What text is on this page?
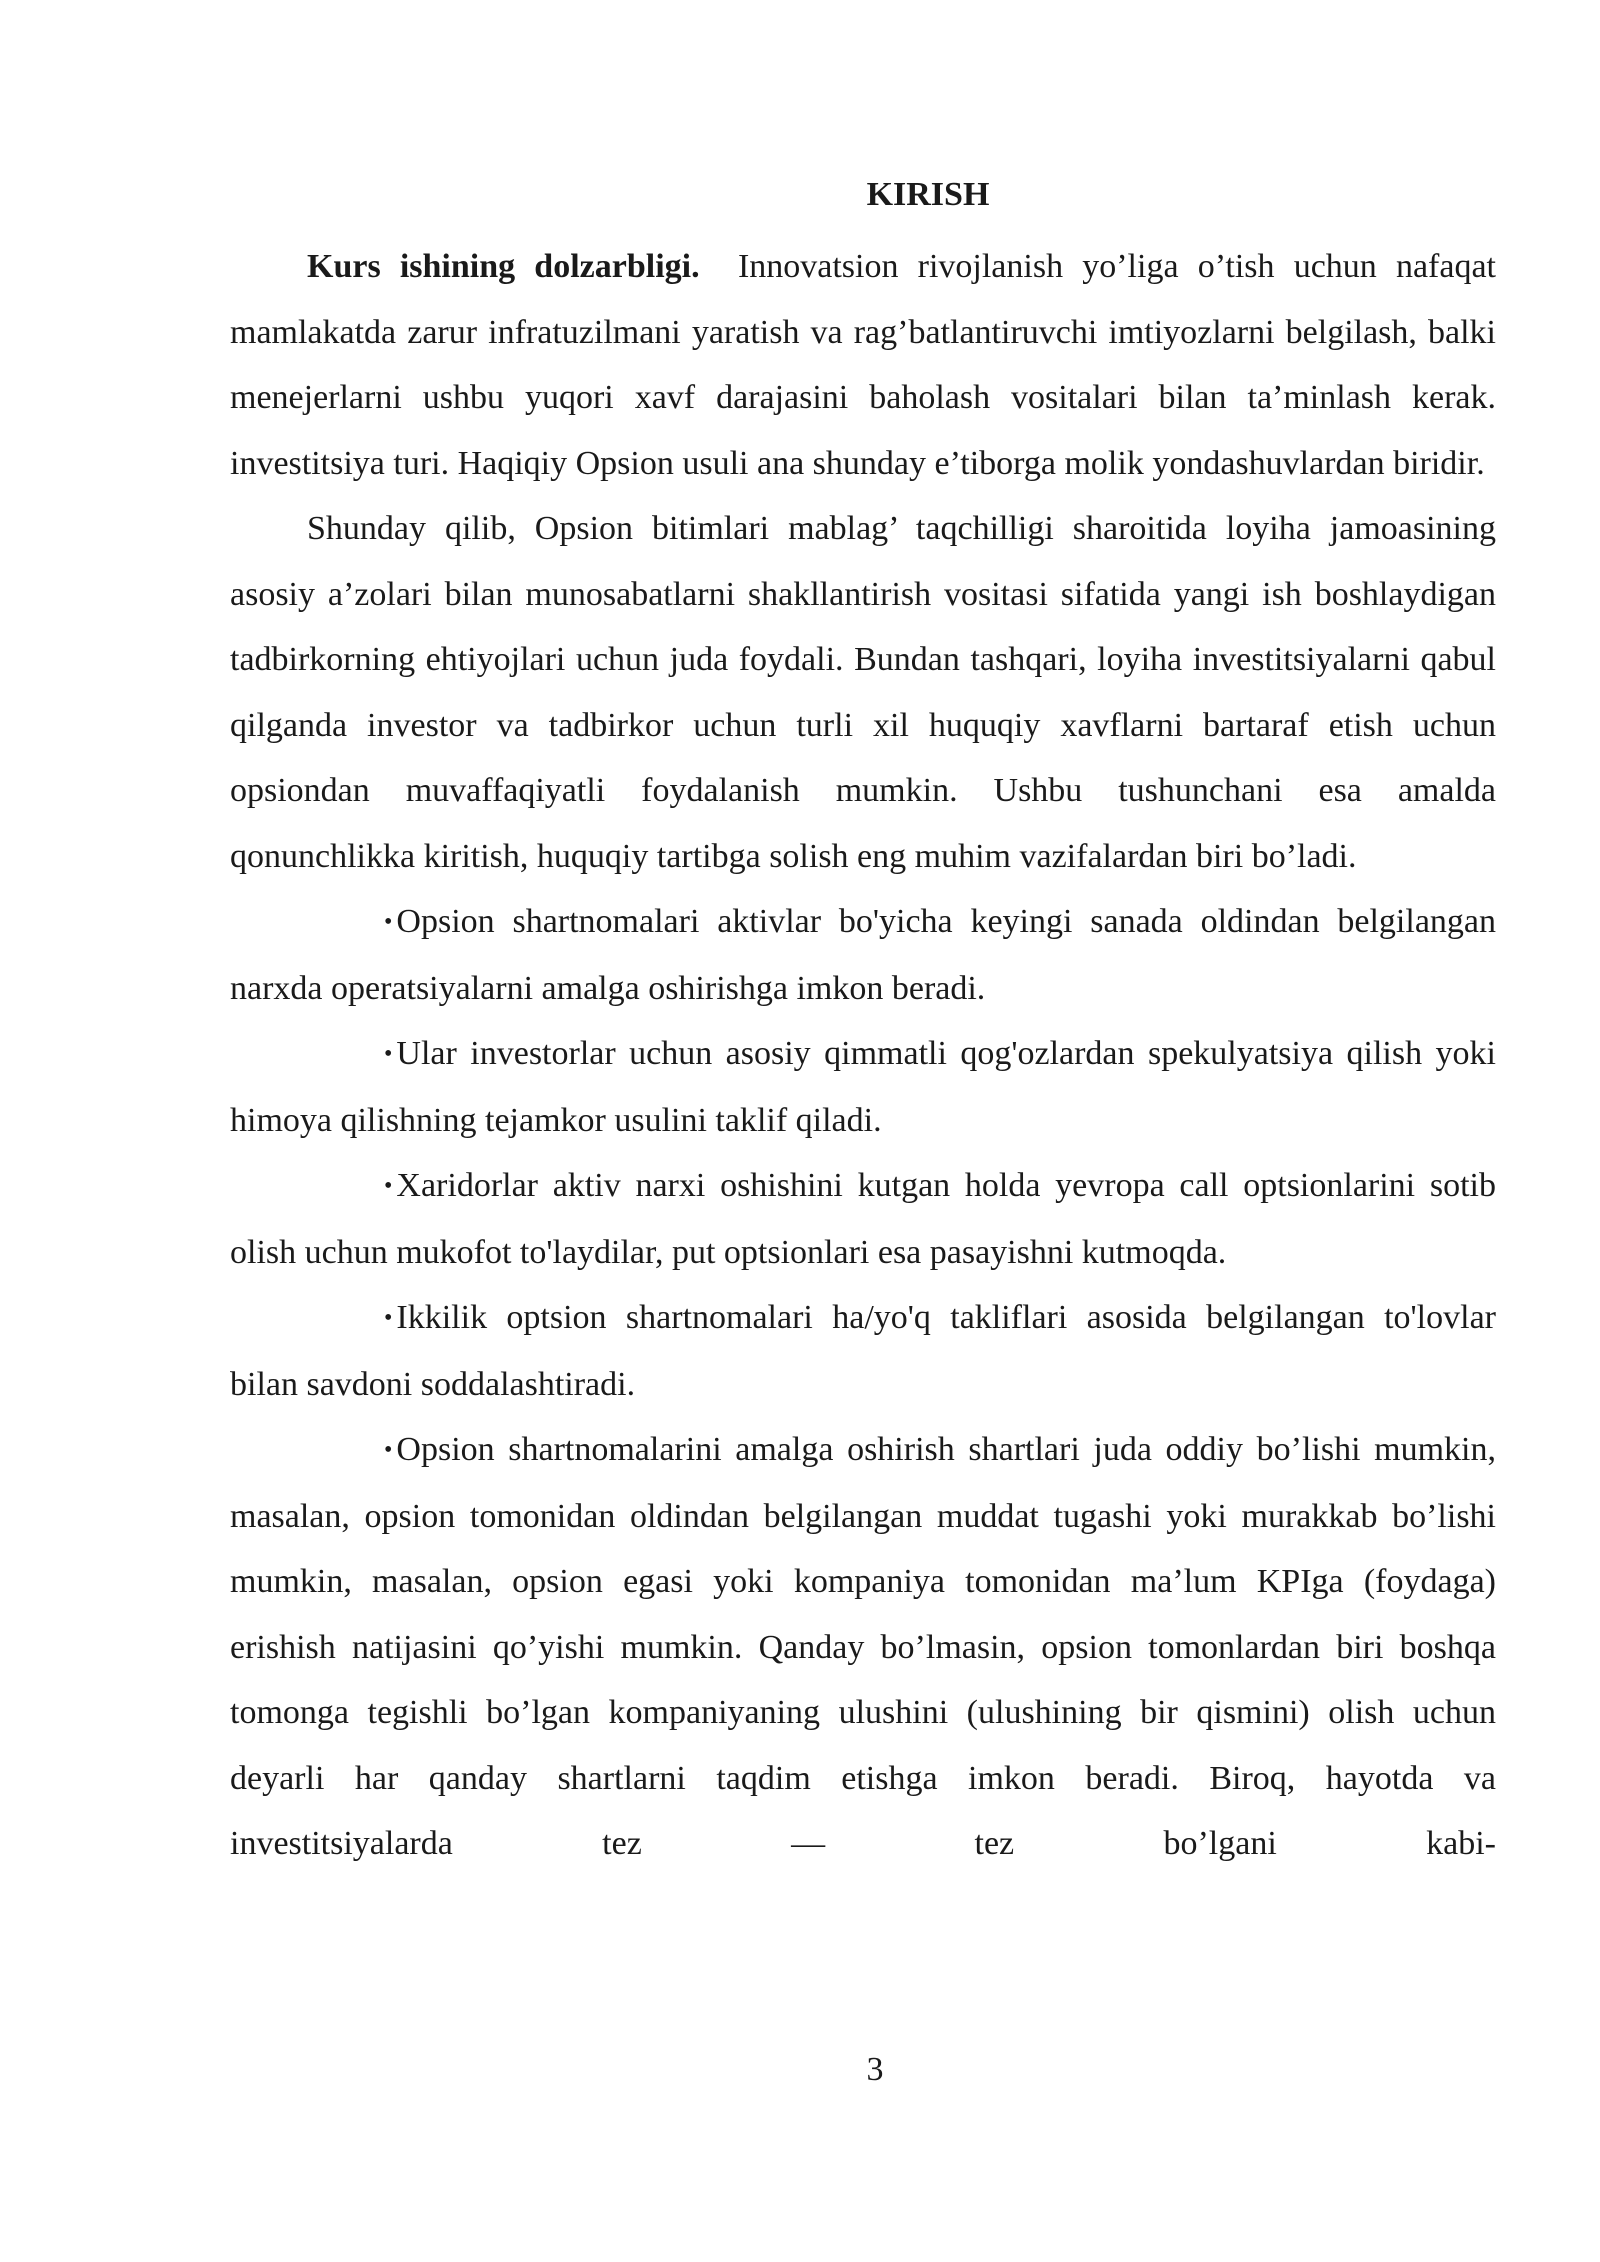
KIRISH

Kurs ishining dolzarbligi. Innovatsion rivojlanish yo’liga o’tish uchun nafaqat mamlakatda zarur infratuzilmani yaratish va rag’batlantiruvchi imtiyozlarni belgilash, balki menejerlarni ushbu yuqori xavf darajasini baholash vositalari bilan ta’minlash kerak. investitsiya turi. Haqiqiy Opsion usuli ana shunday e’tiborga molik yondashuvlardan biridir.

Shunday qilib, Opsion bitimlari mablag’ taqchilligi sharoitida loyiha jamoasining asosiy a’zolari bilan munosabatlarni shakllantirish vositasi sifatida yangi ish boshlaydigan tadbirkorning ehtiyojlari uchun juda foydali. Bundan tashqari, loyiha investitsiyalarni qabul qilganda investor va tadbirkor uchun turli xil huquqiy xavflarni bartaraf etish uchun opsiondan muvaffaqiyatli foydalanish mumkin. Ushbu tushunchani esa amalda qonunchlikka kiritish, huquqiy tartibga solish eng muhim vazifalardan biri bo’ladi.

• Opsion shartnomalari aktivlar bo'yicha keyingi sanada oldindan belgilangan narxda operatsiyalarni amalga oshirishga imkon beradi.

• Ular investorlar uchun asosiy qimmatli qog'ozlardan spekulyatsiya qilish yoki himoya qilishning tejamkor usulini taklif qiladi.

• Xaridorlar aktiv narxi oshishini kutgan holda yevropa call optsionlarini sotib olish uchun mukofot to'laydilar, put optsionlari esa pasayishni kutmoqda.

• Ikkilik optsion shartnomalari ha/yo'q takliflari asosida belgilangan to'lovlar bilan savdoni soddalashtiradi.

• Opsion shartnomalarini amalga oshirish shartlari juda oddiy bo’lishi mumkin, masalan, opsion tomonidan oldindan belgilangan muddat tugashi yoki murakkab bo’lishi mumkin, masalan, opsion egasi yoki kompaniya tomonidan ma’lum KPIga (foydaga) erishish natijasini qo’yishi mumkin. Qanday bo’lmasin, opsion tomonlardan biri boshqa tomonga tegishli bo’lgan kompaniyaning ulushini (ulushining bir qismini) olish uchun deyarli har qanday shartlarni taqdim etishga imkon beradi. Biroq, hayotda va investitsiyalarda tez — tez bo’lgani kabi-

3
